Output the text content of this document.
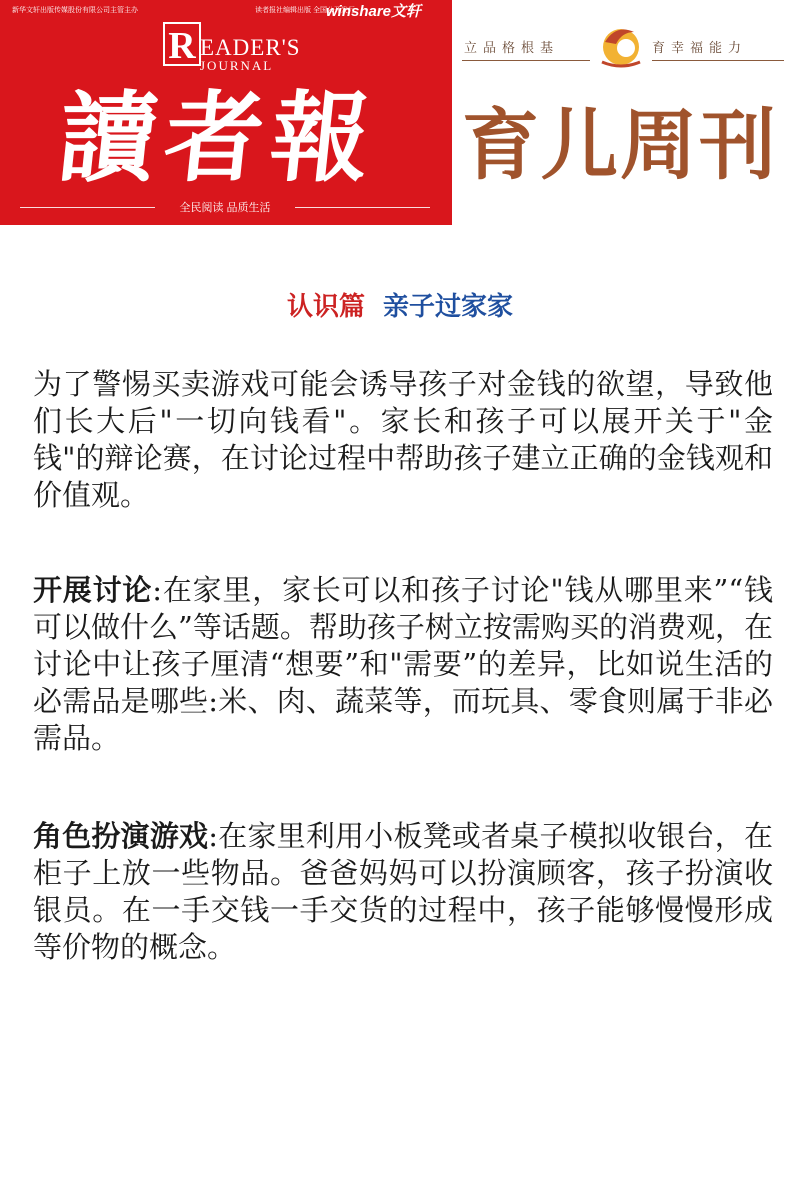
新华文轩出版传媒股份有限公司主管主办	读者报社编辑出版 全国公开发行
winshare文轩
R EADER'S
JOURNAL
讀者報
全民阅读 品质生活
立品格根基	育幸福能力
育儿周刊
认识篇 亲子过家家

为了警惕买卖游戏可能会诱导孩子对金钱的欲望，导致他们长大后"一切向钱看"。家长和孩子可以展开关于"金钱"的辩论赛，在讨论过程中帮助孩子建立正确的金钱观和价值观。

开展讨论:在家里，家长可以和孩子讨论"钱从哪里来”“钱可以做什么”等话题。帮助孩子树立按需购买的消费观，在讨论中让孩子厘清“想要”和"需要”的差异，比如说生活的必需品是哪些:米、肉、蔬菜等，而玩具、零食则属于非必需品。

角色扮演游戏:在家里利用小板凳或者桌子模拟收银台，在柜子上放一些物品。爸爸妈妈可以扮演顾客，孩子扮演收银员。在一手交钱一手交货的过程中，孩子能够慢慢形成等价物的概念。
